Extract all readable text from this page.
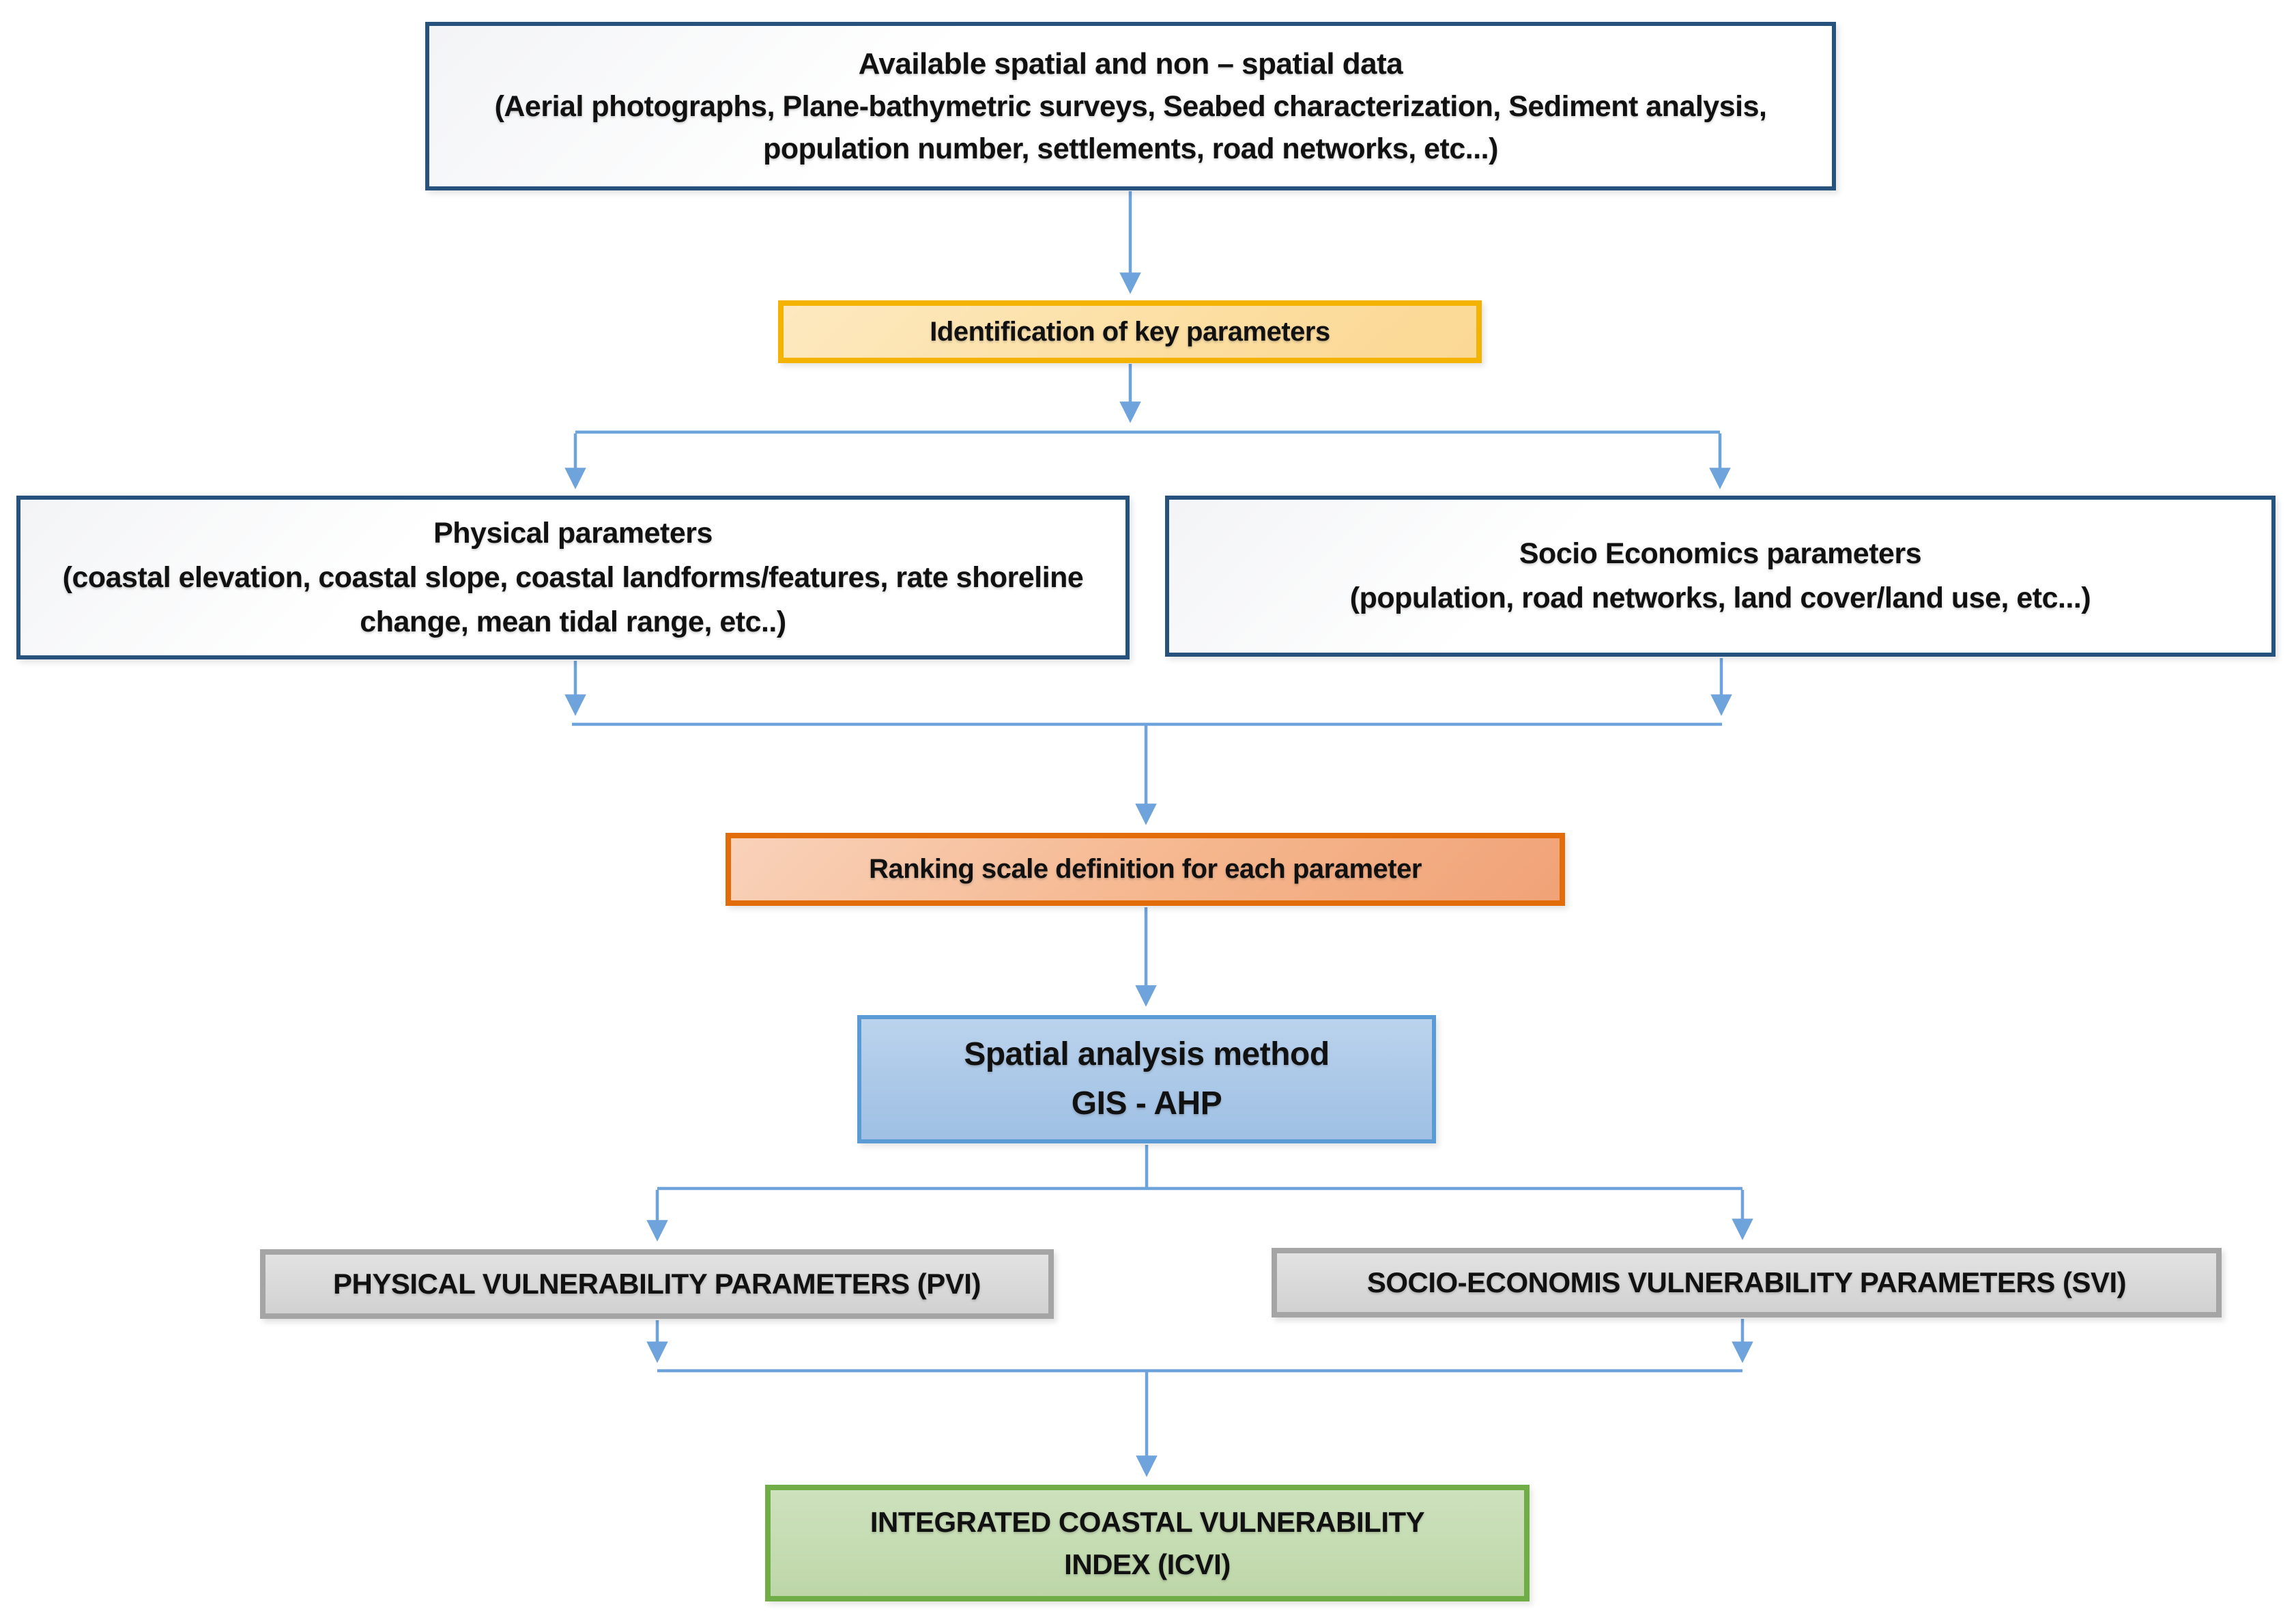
Available spatial and non – spatial data
(Aerial photographs, Plane-bathymetric surveys, Seabed characterization, Sediment analysis, population number, settlements, road networks, etc...)
Identification of key parameters
Physical parameters
(coastal elevation, coastal slope, coastal landforms/features, rate shoreline change, mean tidal range, etc..)
Socio Economics parameters
(population, road networks, land cover/land use, etc...)
Ranking scale definition for each parameter
Spatial analysis method
GIS - AHP
PHYSICAL VULNERABILITY PARAMETERS (PVI)	SOCIO-ECONOMIS VULNERABILITY PARAMETERS (SVI)
INTEGRATED COASTAL VULNERABILITY
INDEX (ICVI)
